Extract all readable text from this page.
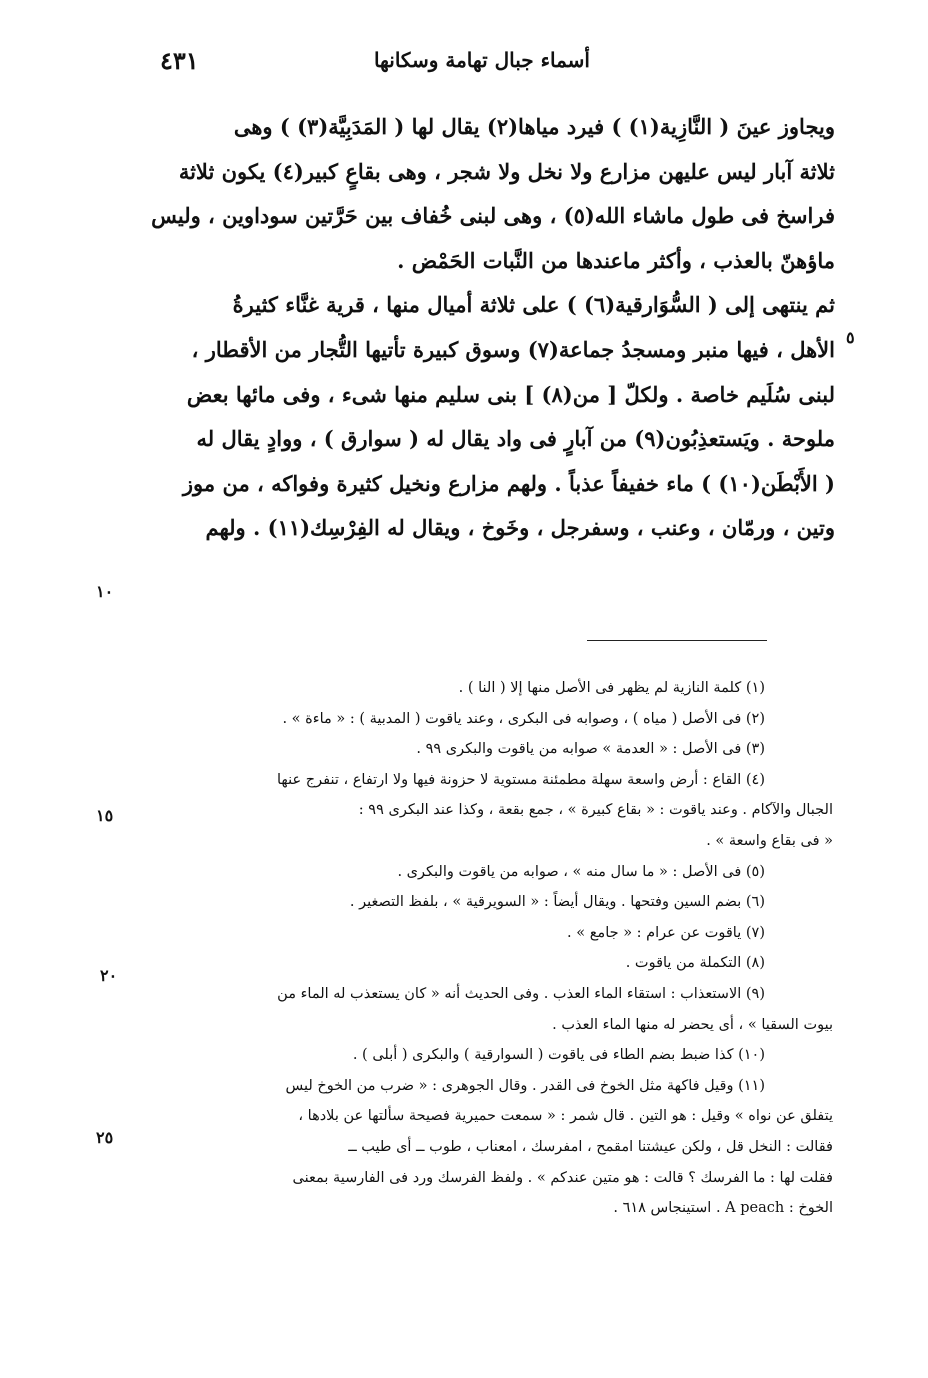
٤٣١	أسماء جبال تهامة وسكانها
ويجاوز عينَ ( النَّازِية(١) ) فيرد مياها(٢) يقال لها ( المَدَبِيَّة(٣) ) وهى
ثلاثة آبار ليس عليهن مزارع ولا نخل ولا شجر ، وهى بقاعٍ كبير(٤) يكون ثلاثة
فراسخ فى طول ماشاء الله(٥) ، وهى لبنى خُفاف بين حَرَّتين سوداوين ، وليس
ماؤهنّ بالعذب ، وأكثر ماعندها من النَّبات الحَمْض .
ثم ينتهى إلى ( السُّوَارقية(٦) ) على ثلاثة أميال منها ، قرية غنَّاء كثيرةُ
الأهل ، فيها منبر ومسجدُ جماعة(٧) وسوق كبيرة تأتيها التُّجار من الأقطار ،
لبنى سُلَيم خاصة . ولكلّ [ من(٨) ] بنى سليم منها شىء ، وفى مائها بعض
ملوحة . ويَستعذِبُون(٩) من آبارٍ فى واد يقال له ( سوارق ) ، ووادٍ يقال له
( الأَبْطَن(١٠) ) ماء خفيفاً عذباً . ولهم مزارع ونخيل كثيرة وفواكه ، من موز
وتين ، ورمّان ، وعنب ، وسفرجل ، وخَوخ ، ويقال له الفِرْسِك(١١) . ولهم
٥
١٠
(١) كلمة النازية لم يظهر فى الأصل منها إلا ( النا ) .
(٢) فى الأصل ( مياه ) ، وصوابه فى البكرى ، وعند ياقوت ( المدبية ) : « ماءة » .
(٣) فى الأصل : « العدمة » صوابه من ياقوت والبكرى ٩٩ .
(٤) القاع : أرض واسعة سهلة مطمئنة مستوية لا حزونة فيها ولا ارتفاع ، تنفرج عنها
الجبال والآكام . وعند ياقوت : « بقاع كبيرة » ، جمع بقعة ، وكذا عند البكرى ٩٩ :
« فى بقاع واسعة » .
(٥) فى الأصل : « ما سال منه » ، صوابه من ياقوت والبكرى .
(٦) بضم السين وفتحها . ويقال أيضاً : « السويرقية » ، بلفظ التصغير .
(٧) ياقوت عن عرام : « جامع » .
(٨) التكملة من ياقوت .
(٩) الاستعذاب : استقاء الماء العذب . وفى الحديث أنه « كان يستعذب له الماء من
بيوت السقيا » ، أى يحضر له منها الماء العذب .
(١٠) كذا ضبط بضم الطاء فى ياقوت ( السوارقية ) والبكرى ( أبلى ) .
(١١) وقيل فاكهة مثل الخوخ فى القدر . وقال الجوهرى : « ضرب من الخوخ ليس
يتفلق عن نواه » وقيل : هو التين . قال شمر : « سمعت حميرية فصيحة سألتها عن بلادها ،
فقالت : النخل قل ، ولكن عيشتنا امقمح ، امفرسك ، امعناب ، طوب ــ أى طيب ــ
فقلت لها : ما الفرسك ؟ قالت : هو متين عندكم » . ولفظ الفرسك ورد فى الفارسية بمعنى
الخوخ : A peach . استينجاس ٦١٨ .
١٥
٢٠
٢٥
